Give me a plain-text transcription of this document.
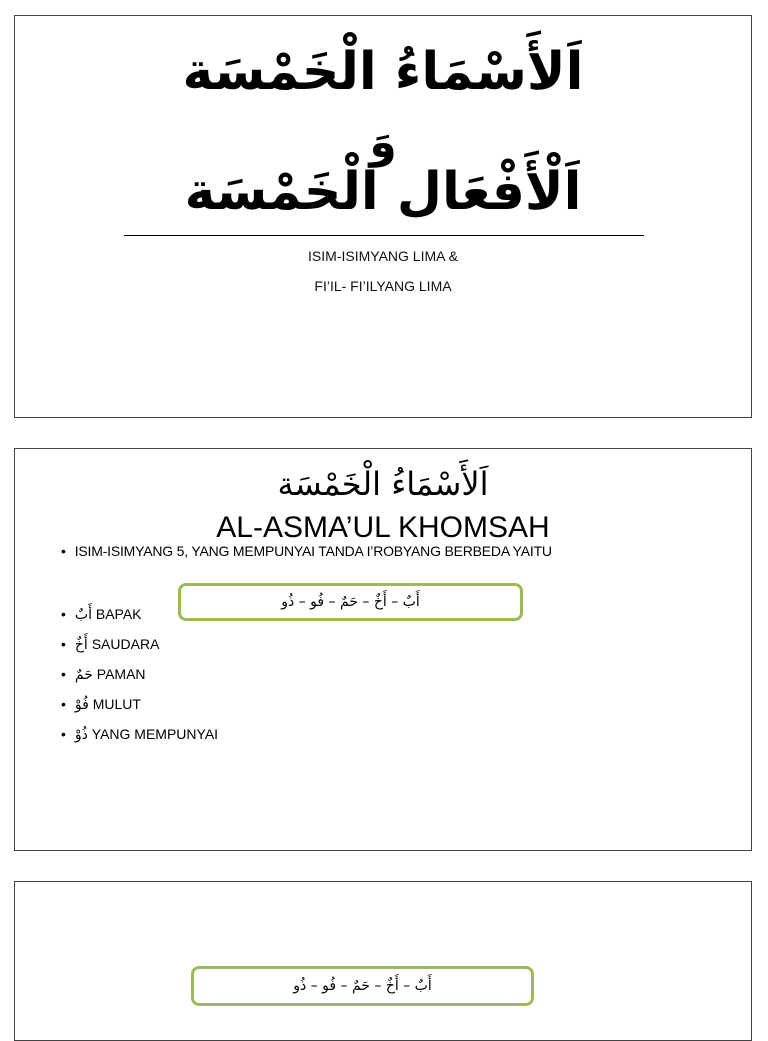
اَلأَسْمَاءُ الْخَمْسَة
وَ
اَلْأَفْعَال الْخَمْسَة
ISIM-ISIMYANG LIMA &
FI’IL- FI’ILYANG LIMA
اَلأَسْمَاءُ الْخَمْسَة
AL-ASMA’UL KHOMSAH
• ISIM-ISIMYANG 5, YANG MEMPUNYAI TANDA I’ROBYANG BERBEDA YAITU
أَبٌ – أَخٌ – حَمٌ – فُو – ذُو
• أَبٌ BAPAK
• أَخٌ SAUDARA
• حَمٌ PAMAN
• فُوْ MULUT
• ذُوْ YANG MEMPUNYAI
أَبٌ – أَخٌ – حَمٌ – فُو – ذُو
